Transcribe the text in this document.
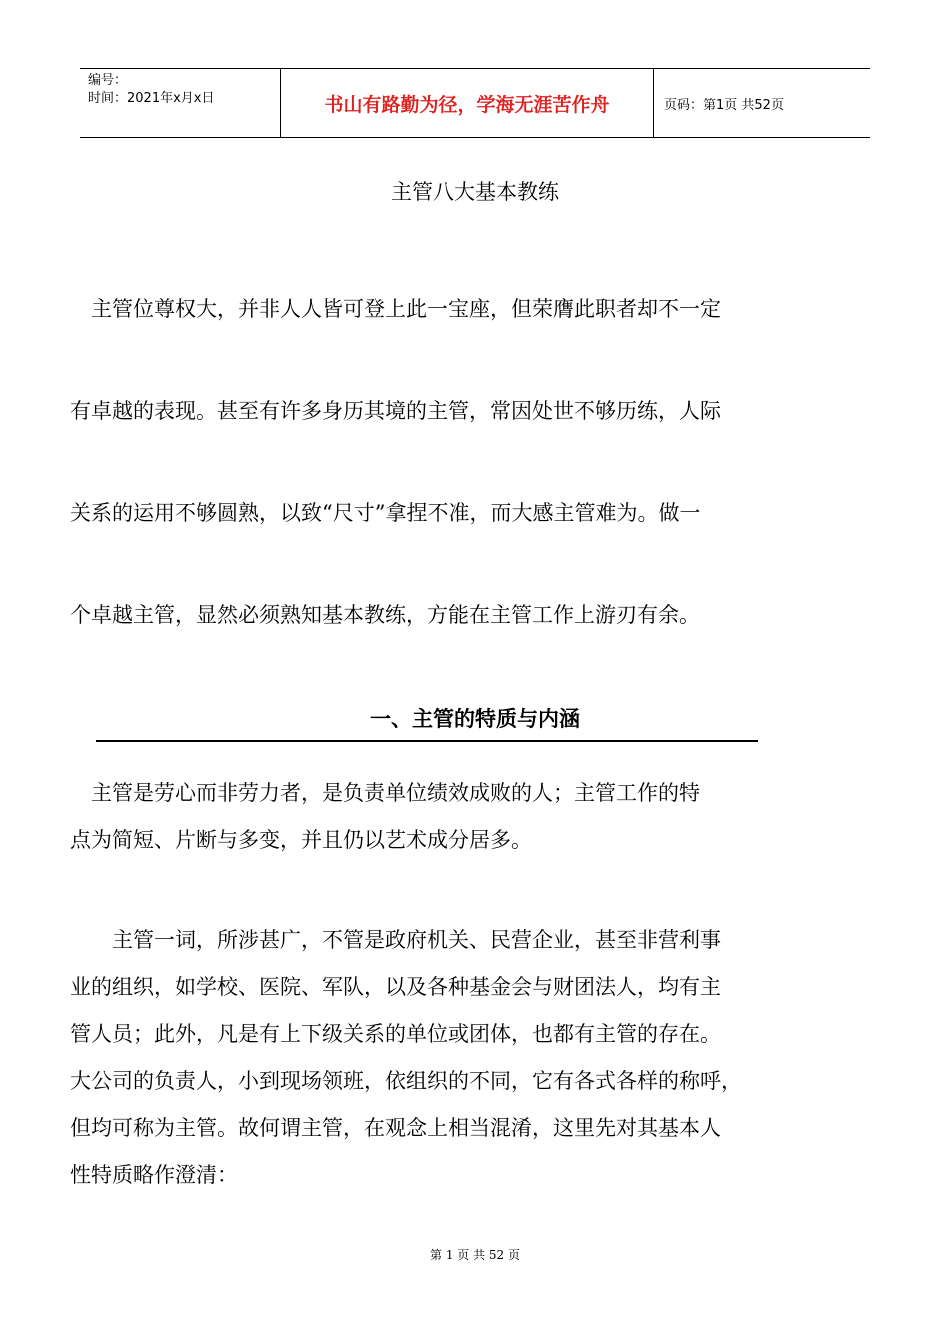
编号：
时间：2021年x月x日	书山有路勤为径，学海无涯苦作舟	页码：第1页 共52页
主管八大基本教练

　主管位尊权大，并非人人皆可登上此一宝座，但荣膺此职者却不一定

有卓越的表现。甚至有许多身历其境的主管，常因处世不够历练，人际

关系的运用不够圆熟，以致“尺寸”拿捏不准，而大感主管难为。做一

个卓越主管，显然必须熟知基本教练，方能在主管工作上游刃有余。

一、主管的特质与内涵

　主管是劳心而非劳力者，是负责单位绩效成败的人；主管工作的特

点为简短、片断与多变，并且仍以艺术成分居多。

　　主管一词，所涉甚广，不管是政府机关、民营企业，甚至非营利事

业的组织，如学校、医院、军队，以及各种基金会与财团法人，均有主

管人员；此外，凡是有上下级关系的单位或团体，也都有主管的存在。

大公司的负责人，小到现场领班，依组织的不同，它有各式各样的称呼，

但均可称为主管。故何谓主管，在观念上相当混淆，这里先对其基本人

性特质略作澄清：

第 1 页 共 52 页
